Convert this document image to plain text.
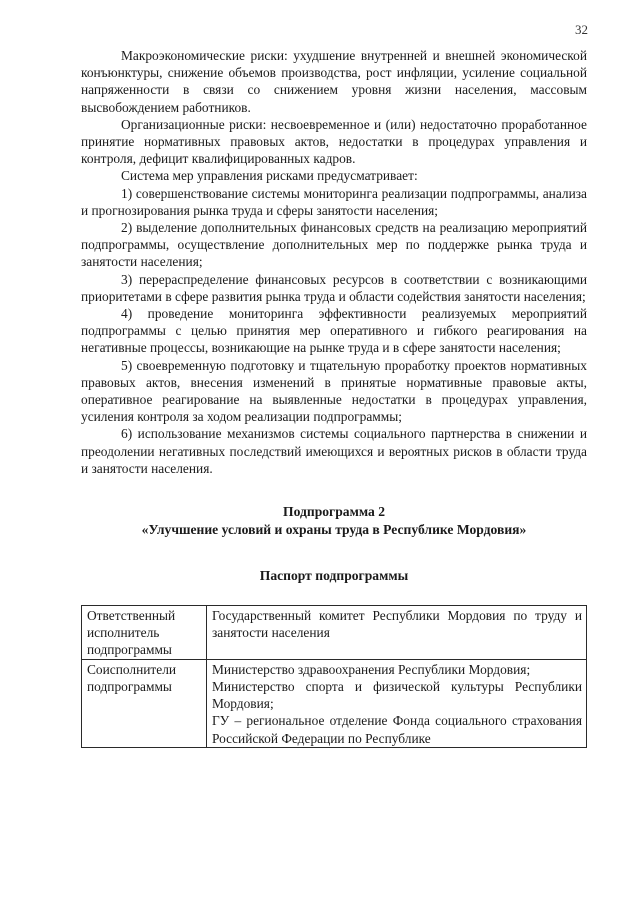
32

Макроэкономические риски: ухудшение внутренней и внешней экономической конъюнктуры, снижение объемов производства, рост инфляции, усиление социальной напряженности в связи со снижением уровня жизни населения, массовым высвобождением работников.

Организационные риски: несвоевременное и (или) недостаточно проработанное принятие нормативных правовых актов, недостатки в процедурах управления и контроля, дефицит квалифицированных кадров.

Система мер управления рисками предусматривает:

1) совершенствование системы мониторинга реализации подпрограммы, анализа и прогнозирования рынка труда и сферы занятости населения;

2) выделение дополнительных финансовых средств на реализацию мероприятий подпрограммы, осуществление дополнительных мер по поддержке рынка труда и занятости населения;

3) перераспределение финансовых ресурсов в соответствии с возникающими приоритетами в сфере развития рынка труда и области содействия занятости населения;

4) проведение мониторинга эффективности реализуемых мероприятий подпрограммы с целью принятия мер оперативного и гибкого реагирования на негативные процессы, возникающие на рынке труда и в сфере занятости населения;

5) своевременную подготовку и тщательную проработку проектов нормативных правовых актов, внесения изменений в принятые нормативные правовые акты, оперативное реагирование на выявленные недостатки в процедурах управления, усиления контроля за ходом реализации подпрограммы;

6) использование механизмов системы социального партнерства в снижении и преодолении негативных последствий имеющихся и вероятных рисков в области труда и занятости населения.

Подпрограмма 2
«Улучшение условий и охраны труда в Республике Мордовия»
Паспорт подпрограммы
Ответственный исполнитель подпрограммы	Государственный комитет Республики Мордовия по труду и занятости населения

Соисполнители подпрограммы	Министерство здравоохранения Республики Мордовия;
Министерство спорта и физической культуры Республики Мордовия;
ГУ – региональное отделение Фонда социального страхования Российской Федерации по Республике
